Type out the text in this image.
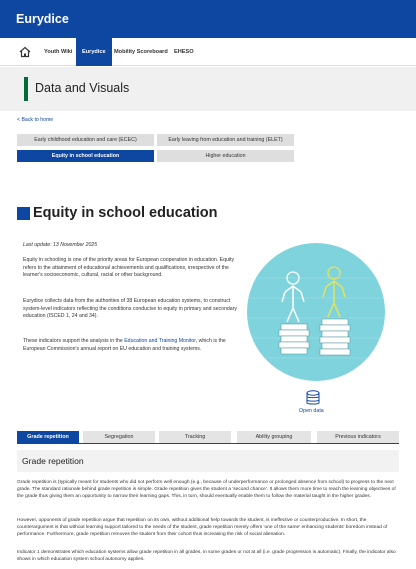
Eurydice
Youth Wiki	Eurydice	Mobility Scoreboard	EHESO
Data and Visuals
< Back to home
Early childhood education and care (ECEC)	Early leaving from education and training (ELET)
Equity in school education	Higher education
Equity in school education
Last update: 13 November 2025

Equity in schooling is one of the priority areas for European cooperation in education. Equity refers to the attainment of educational achievements and qualifications, irrespective of the learner's socioeconomic, cultural, racial or other background.

Eurydice collects data from the authorities of 38 European education systems, to construct system-level indicators reflecting the conditions conducive to equity in primary and secondary education (ISCED 1, 24 and 34).

These indicators support the analysis in the Education and Training Monitor, which is the European Commission's annual report on EU education and training systems.

Open data
Grade repetition	Segregation	Tracking	Ability grouping	Previous indicators
Grade repetition

Grade repetition is (typically meant for students who did not perform well enough (e.g., because of underperformance or prolonged absence from school) to progress to the next grade. The standard rationale behind grade repetition is simple. Grade repetition gives the student a 'second chance'. It allows them more time to reach the learning objectives of the grade thus giving them an opportunity to narrow their learning gaps. This, in turn, should eventually enable them to follow the material taught in the higher grades.

However, opponents of grade repetition argue that repetition on its own, without additional help towards the student, is ineffective or counterproductive. In short, the counterargument is that without learning support tailored to the needs of the student, grade repetition merely offers 'one of the same' enhancing students' boredom instead of performance. Furthermore, grade repetition removes the student from their cohort thus increasing the risk of social alienation.

Indicator 1 demonstrates which education systems allow grade repetition in all grades, in some grades or not at all (i.e. grade progression is automatic). Finally, the indicator also shows in which education system school autonomy applies.
